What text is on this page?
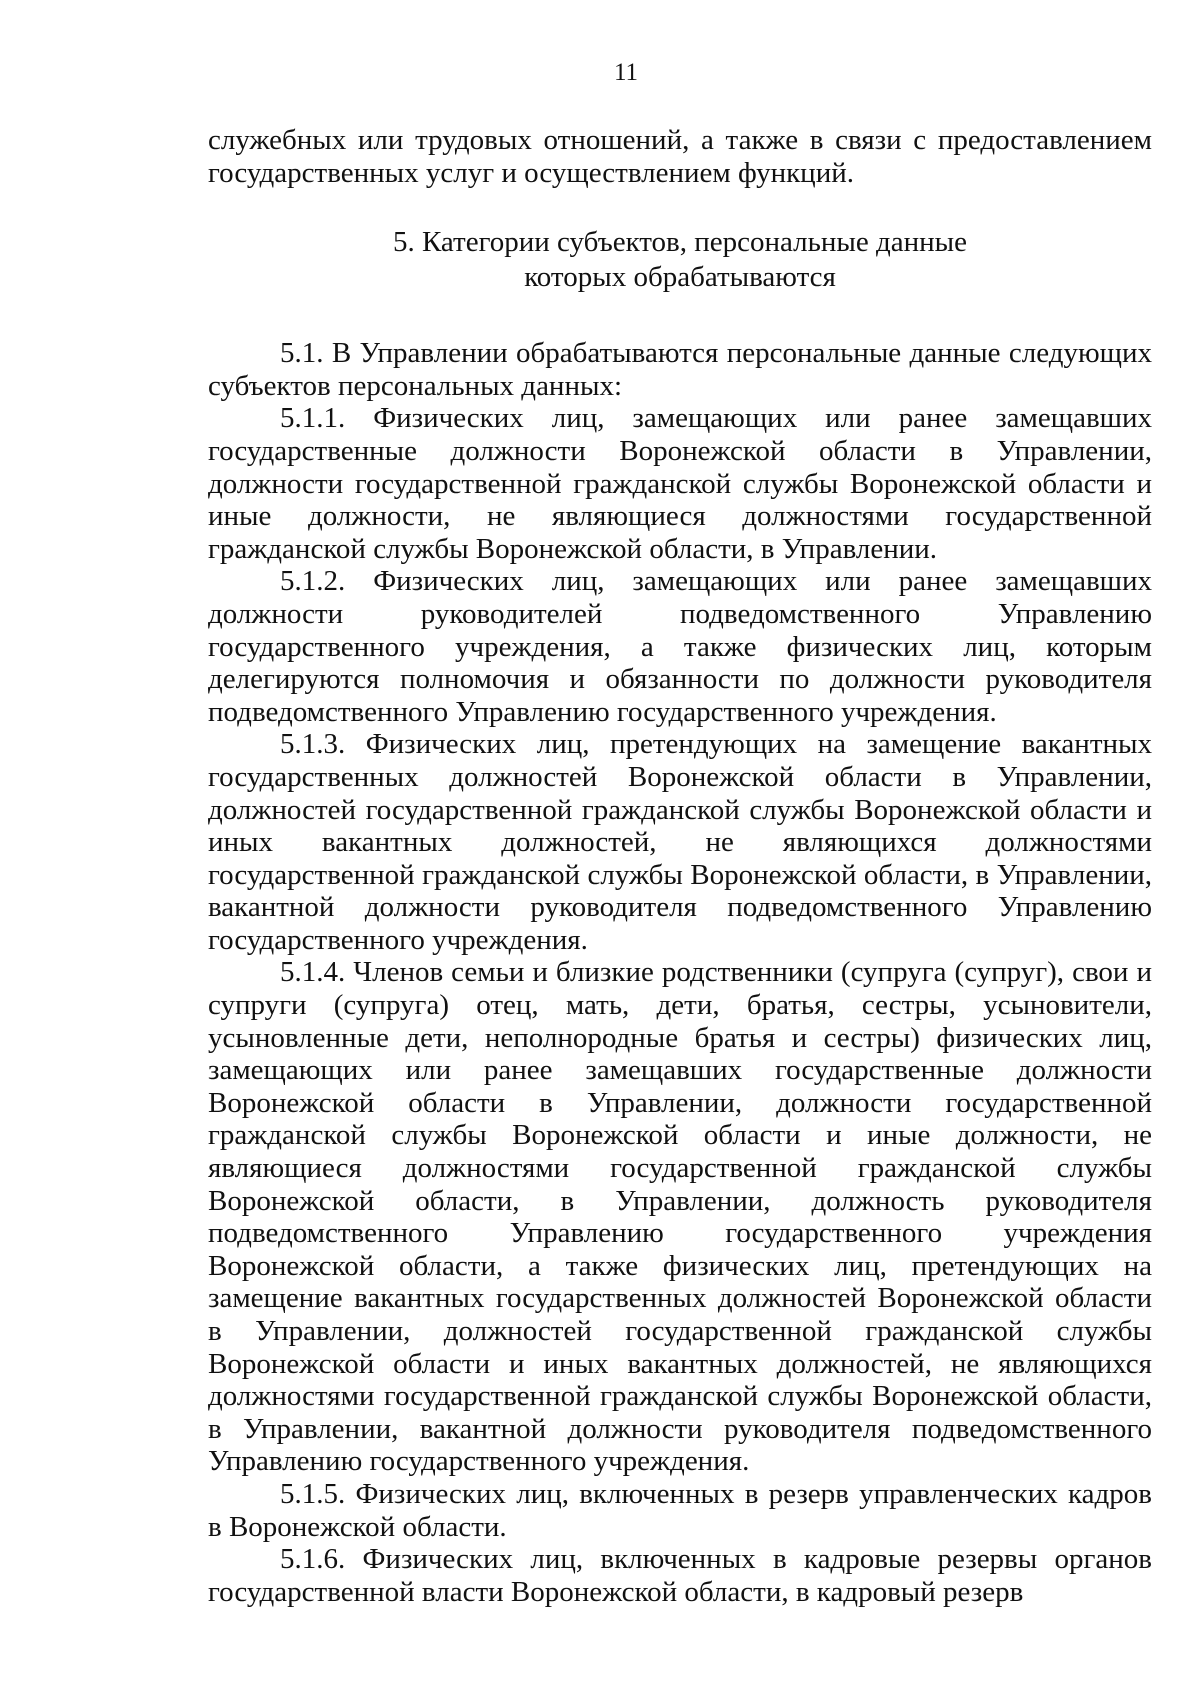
11

служебных или трудовых отношений, а также в связи с предоставлением государственных услуг и осуществлением функций.

5. Категории субъектов, персональные данные
которых обрабатываются

5.1. В Управлении обрабатываются персональные данные следующих субъектов персональных данных:

5.1.1. Физических лиц, замещающих или ранее замещавших государственные должности Воронежской области в Управлении, должности государственной гражданской службы Воронежской области и иные должности, не являющиеся должностями государственной гражданской службы Воронежской области, в Управлении.

5.1.2. Физических лиц, замещающих или ранее замещавших должности руководителей подведомственного Управлению государственного учреждения, а также физических лиц, которым делегируются полномочия и обязанности по должности руководителя подведомственного Управлению государственного учреждения.

5.1.3. Физических лиц, претендующих на замещение вакантных государственных должностей Воронежской области в Управлении, должностей государственной гражданской службы Воронежской области и иных вакантных должностей, не являющихся должностями государственной гражданской службы Воронежской области, в Управлении, вакантной должности руководителя подведомственного Управлению государственного учреждения.

5.1.4. Членов семьи и близкие родственники (супруга (супруг), свои и супруги (супруга) отец, мать, дети, братья, сестры, усыновители, усыновленные дети, неполнородные братья и сестры) физических лиц, замещающих или ранее замещавших государственные должности Воронежской области в Управлении, должности государственной гражданской службы Воронежской области и иные должности, не являющиеся должностями государственной гражданской службы Воронежской области, в Управлении, должность руководителя подведомственного Управлению государственного учреждения Воронежской области, а также физических лиц, претендующих на замещение вакантных государственных должностей Воронежской области в Управлении, должностей государственной гражданской службы Воронежской области и иных вакантных должностей, не являющихся должностями государственной гражданской службы Воронежской области, в Управлении, вакантной должности руководителя подведомственного Управлению государственного учреждения.

5.1.5. Физических лиц, включенных в резерв управленческих кадров в Воронежской области.

5.1.6. Физических лиц, включенных в кадровые резервы органов государственной власти Воронежской области, в кадровый резерв
